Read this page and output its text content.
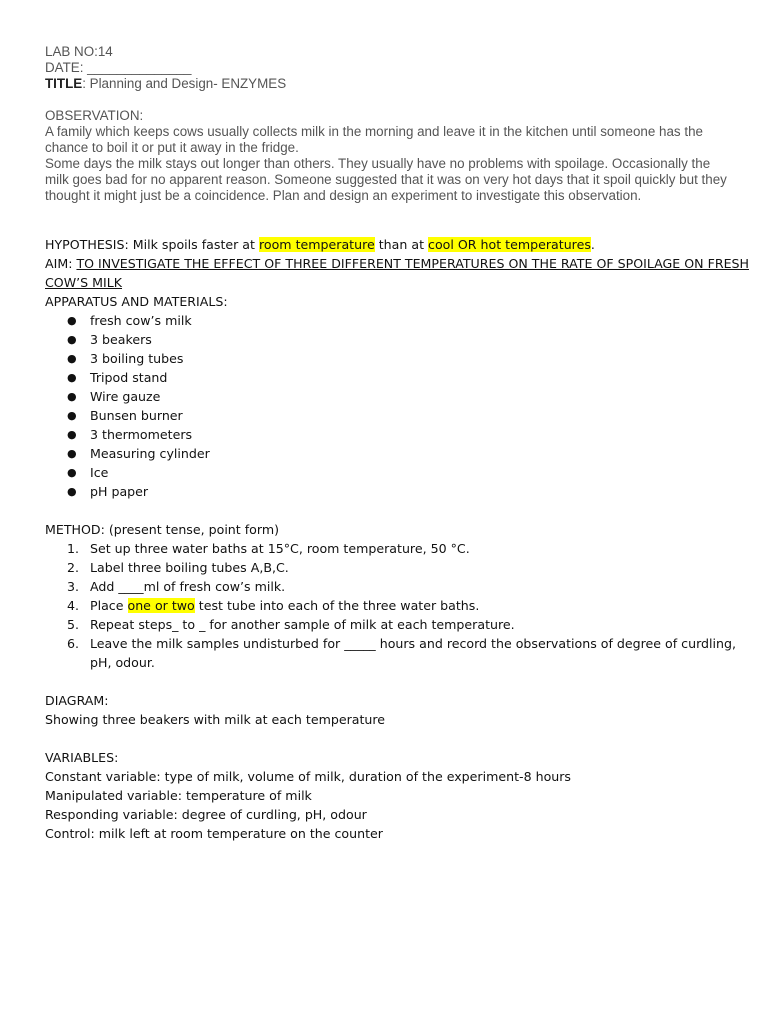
LAB NO:14
DATE: ______________
TITLE: Planning and Design- ENZYMES
OBSERVATION:
A family which keeps cows usually collects milk in the morning and leave it in the kitchen until someone has the
chance to boil it or put it away in the fridge.
Some days the milk stays out longer than others. They usually have no problems with spoilage. Occasionally the
milk goes bad for no apparent reason. Someone suggested that it was on very hot days that it spoil quickly but they
thought it might just be a coincidence. Plan and design an experiment to investigate this observation.
HYPOTHESIS: Milk spoils faster at room temperature than at cool OR hot temperatures.
AIM: TO INVESTIGATE THE EFFECT OF THREE DIFFERENT TEMPERATURES ON THE RATE OF SPOILAGE ON FRESH
COW’S MILK
APPARATUS AND MATERIALS:
● fresh cow’s milk
● 3 beakers
● 3 boiling tubes
● Tripod stand
● Wire gauze
● Bunsen burner
● 3 thermometers
● Measuring cylinder
● Ice
● pH paper
METHOD: (present tense, point form)
1. Set up three water baths at 15°C, room temperature, 50 °C.
2. Label three boiling tubes A,B,C.
3. Add ____ml of fresh cow’s milk.
4. Place one or two test tube into each of the three water baths.
5. Repeat steps_ to _ for another sample of milk at each temperature.
6. Leave the milk samples undisturbed for _____ hours and record the observations of degree of curdling,
pH, odour.
DIAGRAM:
Showing three beakers with milk at each temperature
VARIABLES:
Constant variable: type of milk, volume of milk, duration of the experiment-8 hours
Manipulated variable: temperature of milk
Responding variable: degree of curdling, pH, odour
Control: milk left at room temperature on the counter
